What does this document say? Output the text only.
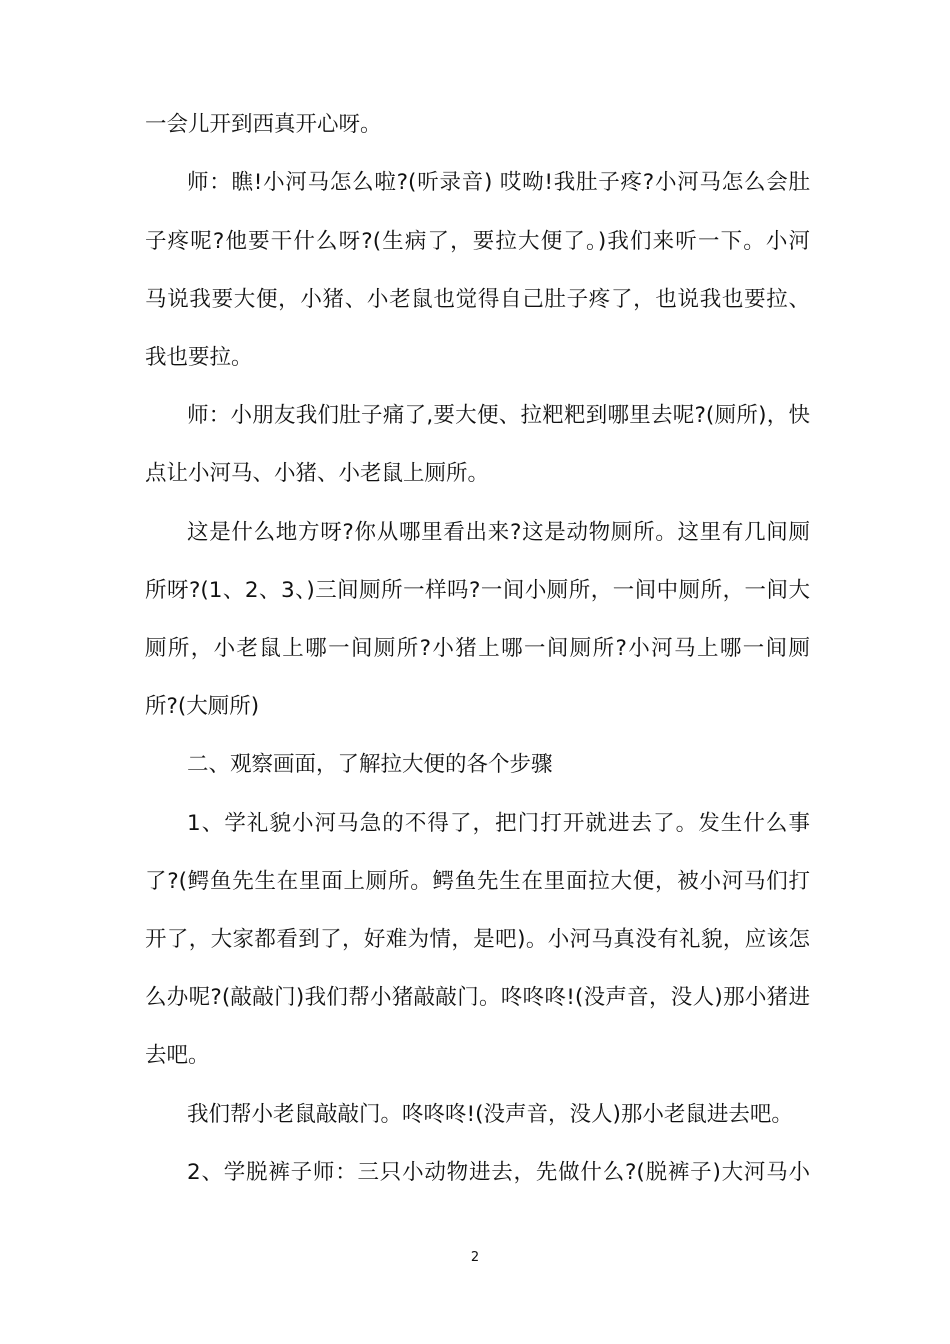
一会儿开到西真开心呀。
师：瞧!小河马怎么啦?(听录音) 哎呦!我肚子疼?小河马怎么会肚
子疼呢?他要干什么呀?(生病了，要拉大便了。)我们来听一下。小河
马说我要大便，小猪、小老鼠也觉得自己肚子疼了，也说我也要拉、
我也要拉。
师：小朋友我们肚子痛了,要大便、拉粑粑到哪里去呢?(厕所)，快
点让小河马、小猪、小老鼠上厕所。
这是什么地方呀?你从哪里看出来?这是动物厕所。这里有几间厕
所呀?(1、2、3、)三间厕所一样吗?一间小厕所，一间中厕所，一间大
厕所，小老鼠上哪一间厕所?小猪上哪一间厕所?小河马上哪一间厕
所?(大厕所)
二、观察画面，了解拉大便的各个步骤
1、学礼貌小河马急的不得了，把门打开就进去了。发生什么事
了?(鳄鱼先生在里面上厕所。鳄鱼先生在里面拉大便，被小河马们打
开了，大家都看到了，好难为情，是吧)。小河马真没有礼貌，应该怎
么办呢?(敲敲门)我们帮小猪敲敲门。咚咚咚!(没声音，没人)那小猪进
去吧。
我们帮小老鼠敲敲门。咚咚咚!(没声音，没人)那小老鼠进去吧。
2、学脱裤子师：三只小动物进去，先做什么?(脱裤子)大河马小
2
